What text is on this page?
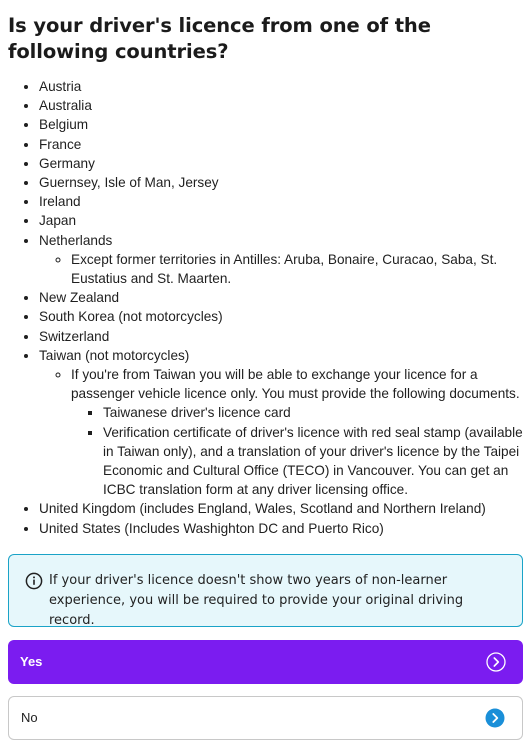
Is your driver's licence from one of the following countries?
• Austria
• Australia
• Belgium
• France
• Germany
• Guernsey, Isle of Man, Jersey
• Ireland
• Japan
• Netherlands
◦ Except former territories in Antilles: Aruba, Bonaire, Curacao, Saba, St. Eustatius and St. Maarten.
• New Zealand
• South Korea (not motorcycles)
• Switzerland
• Taiwan (not motorcycles)
◦ If you're from Taiwan you will be able to exchange your licence for a passenger vehicle licence only. You must provide the following documents.
▪ Taiwanese driver's licence card
▪ Verification certificate of driver's licence with red seal stamp (available in Taiwan only), and a translation of your driver's licence by the Taipei Economic and Cultural Office (TECO) in Vancouver. You can get an ICBC translation form at any driver licensing office.
• United Kingdom (includes England, Wales, Scotland and Northern Ireland)
• United States (Includes Washighton DC and Puerto Rico)
If your driver's licence doesn't show two years of non-learner experience, you will be required to provide your original driving record.
Yes
No
